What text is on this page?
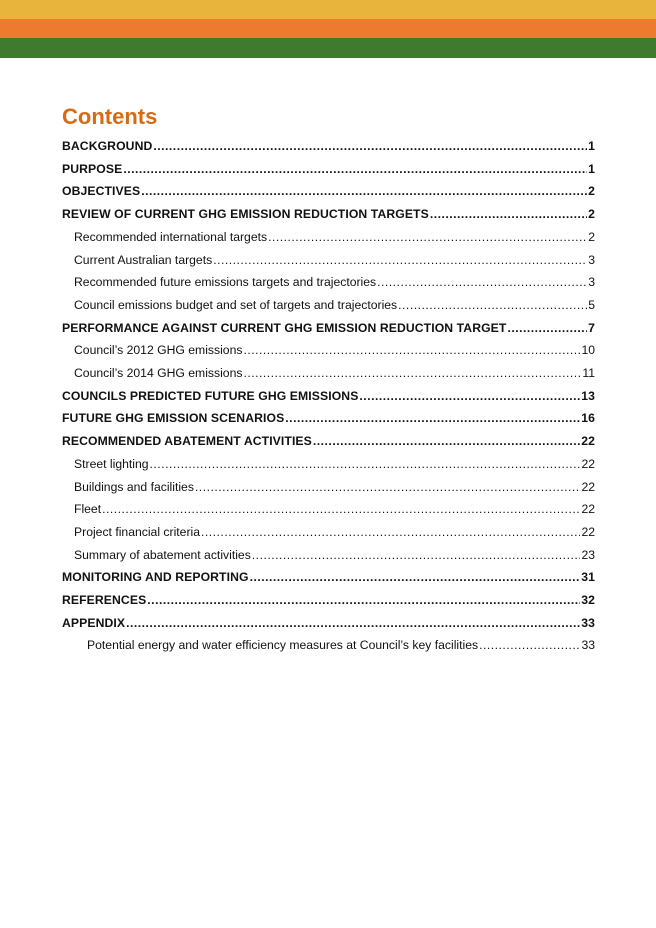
Contents
BACKGROUND .....	1
PURPOSE .....	1
OBJECTIVES .....	2
REVIEW OF CURRENT GHG EMISSION REDUCTION TARGETS .....	2
Recommended international targets .....	2
Current Australian targets .....	3
Recommended future emissions targets and trajectories .....	3
Council emissions budget and set of targets and trajectories .....	5
PERFORMANCE AGAINST CURRENT GHG EMISSION REDUCTION TARGET .....	7
Council’s 2012 GHG emissions .....	10
Council’s 2014 GHG emissions .....	11
COUNCILS PREDICTED FUTURE GHG EMISSIONS .....	13
FUTURE GHG EMISSION SCENARIOS .....	16
RECOMMENDED ABATEMENT ACTIVITIES .....	22
Street lighting .....	22
Buildings and facilities .....	22
Fleet .....	22
Project financial criteria .....	22
Summary of abatement activities .....	23
MONITORING AND REPORTING .....	31
REFERENCES .....	32
APPENDIX .....	33
Potential energy and water efficiency measures at Council’s key facilities .....	33
